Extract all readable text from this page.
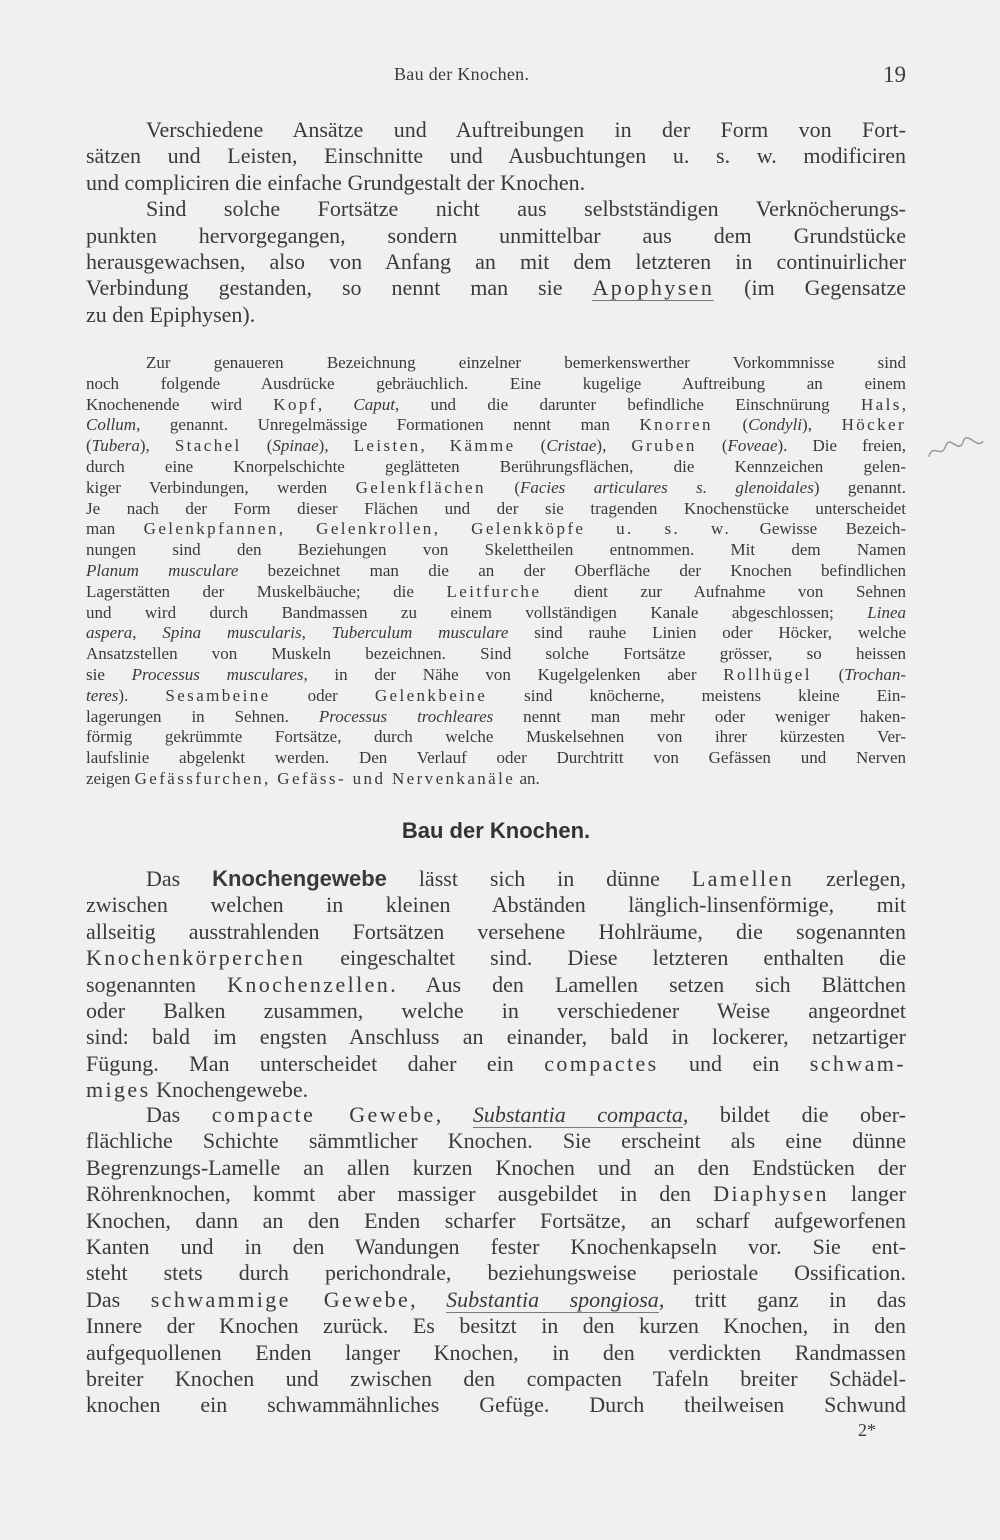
Bau der Knochen.	19
Verschiedene Ansätze und Auftreibungen in der Form von Fort-
sätzen und Leisten, Einschnitte und Ausbuchtungen u. s. w. modificiren
und compliciren die einfache Grundgestalt der Knochen.
Sind solche Fortsätze nicht aus selbstständigen Verknöcherungs-
punkten hervorgegangen, sondern unmittelbar aus dem Grundstücke
herausgewachsen, also von Anfang an mit dem letzteren in continuirlicher
Verbindung gestanden, so nennt man sie Apophysen (im Gegensatze
zu den Epiphysen).
Zur genaueren Bezeichnung einzelner bemerkenswerther Vorkommnisse sind
noch folgende Ausdrücke gebräuchlich. Eine kugelige Auftreibung an einem
Knochenende wird Kopf, Caput, und die darunter befindliche Einschnürung Hals,
Collum, genannt. Unregelmässige Formationen nennt man Knorren (Condyli), Höcker
(Tubera), Stachel (Spinae), Leisten, Kämme (Cristae), Gruben (Foveae). Die freien,
durch eine Knorpelschichte geglätteten Berührungsflächen, die Kennzeichen gelen-
kiger Verbindungen, werden Gelenkflächen (Facies articulares s. glenoidales) genannt.
Je nach der Form dieser Flächen und der sie tragenden Knochenstücke unterscheidet
man Gelenkpfannen, Gelenkrollen, Gelenkköpfe u. s. w. Gewisse Bezeich-
nungen sind den Beziehungen von Skelettheilen entnommen. Mit dem Namen
Planum musculare bezeichnet man die an der Oberfläche der Knochen befindlichen
Lagerstätten der Muskelbäuche; die Leitfurche dient zur Aufnahme von Sehnen
und wird durch Bandmassen zu einem vollständigen Kanale abgeschlossen; Linea
aspera, Spina muscularis, Tuberculum musculare sind rauhe Linien oder Höcker, welche
Ansatzstellen von Muskeln bezeichnen. Sind solche Fortsätze grösser, so heissen
sie Processus musculares, in der Nähe von Kugelgelenken aber Rollhügel (Trochan-
teres). Sesambeine oder Gelenkbeine sind knöcherne, meistens kleine Ein-
lagerungen in Sehnen. Processus trochleares nennt man mehr oder weniger haken-
förmig gekrümmte Fortsätze, durch welche Muskelsehnen von ihrer kürzesten Ver-
laufslinie abgelenkt werden. Den Verlauf oder Durchtritt von Gefässen und Nerven
zeigen Gefässfurchen, Gefäss- und Nervenkanäle an.
Bau der Knochen.
Das Knochengewebe lässt sich in dünne Lamellen zerlegen,
zwischen welchen in kleinen Abständen länglich-linsenförmige, mit
allseitig ausstrahlenden Fortsätzen versehene Hohlräume, die sogenannten
Knochenkörperchen eingeschaltet sind. Diese letzteren enthalten die
sogenannten Knochenzellen. Aus den Lamellen setzen sich Blättchen
oder Balken zusammen, welche in verschiedener Weise angeordnet
sind: bald im engsten Anschluss an einander, bald in lockerer, netzartiger
Fügung. Man unterscheidet daher ein compactes und ein schwam-
miges Knochengewebe.
Das compacte Gewebe, Substantia compacta, bildet die ober-
flächliche Schichte sämmtlicher Knochen. Sie erscheint als eine dünne
Begrenzungs-Lamelle an allen kurzen Knochen und an den Endstücken der
Röhrenknochen, kommt aber massiger ausgebildet in den Diaphysen langer
Knochen, dann an den Enden scharfer Fortsätze, an scharf aufgeworfenen
Kanten und in den Wandungen fester Knochenkapseln vor. Sie ent-
steht stets durch perichondrale, beziehungsweise periostale Ossification.
Das schwammige Gewebe, Substantia spongiosa, tritt ganz in das
Innere der Knochen zurück. Es besitzt in den kurzen Knochen, in den
aufgequollenen Enden langer Knochen, in den verdickten Randmassen
breiter Knochen und zwischen den compacten Tafeln breiter Schädel-
knochen ein schwammähnliches Gefüge. Durch theilweisen Schwund
2*
